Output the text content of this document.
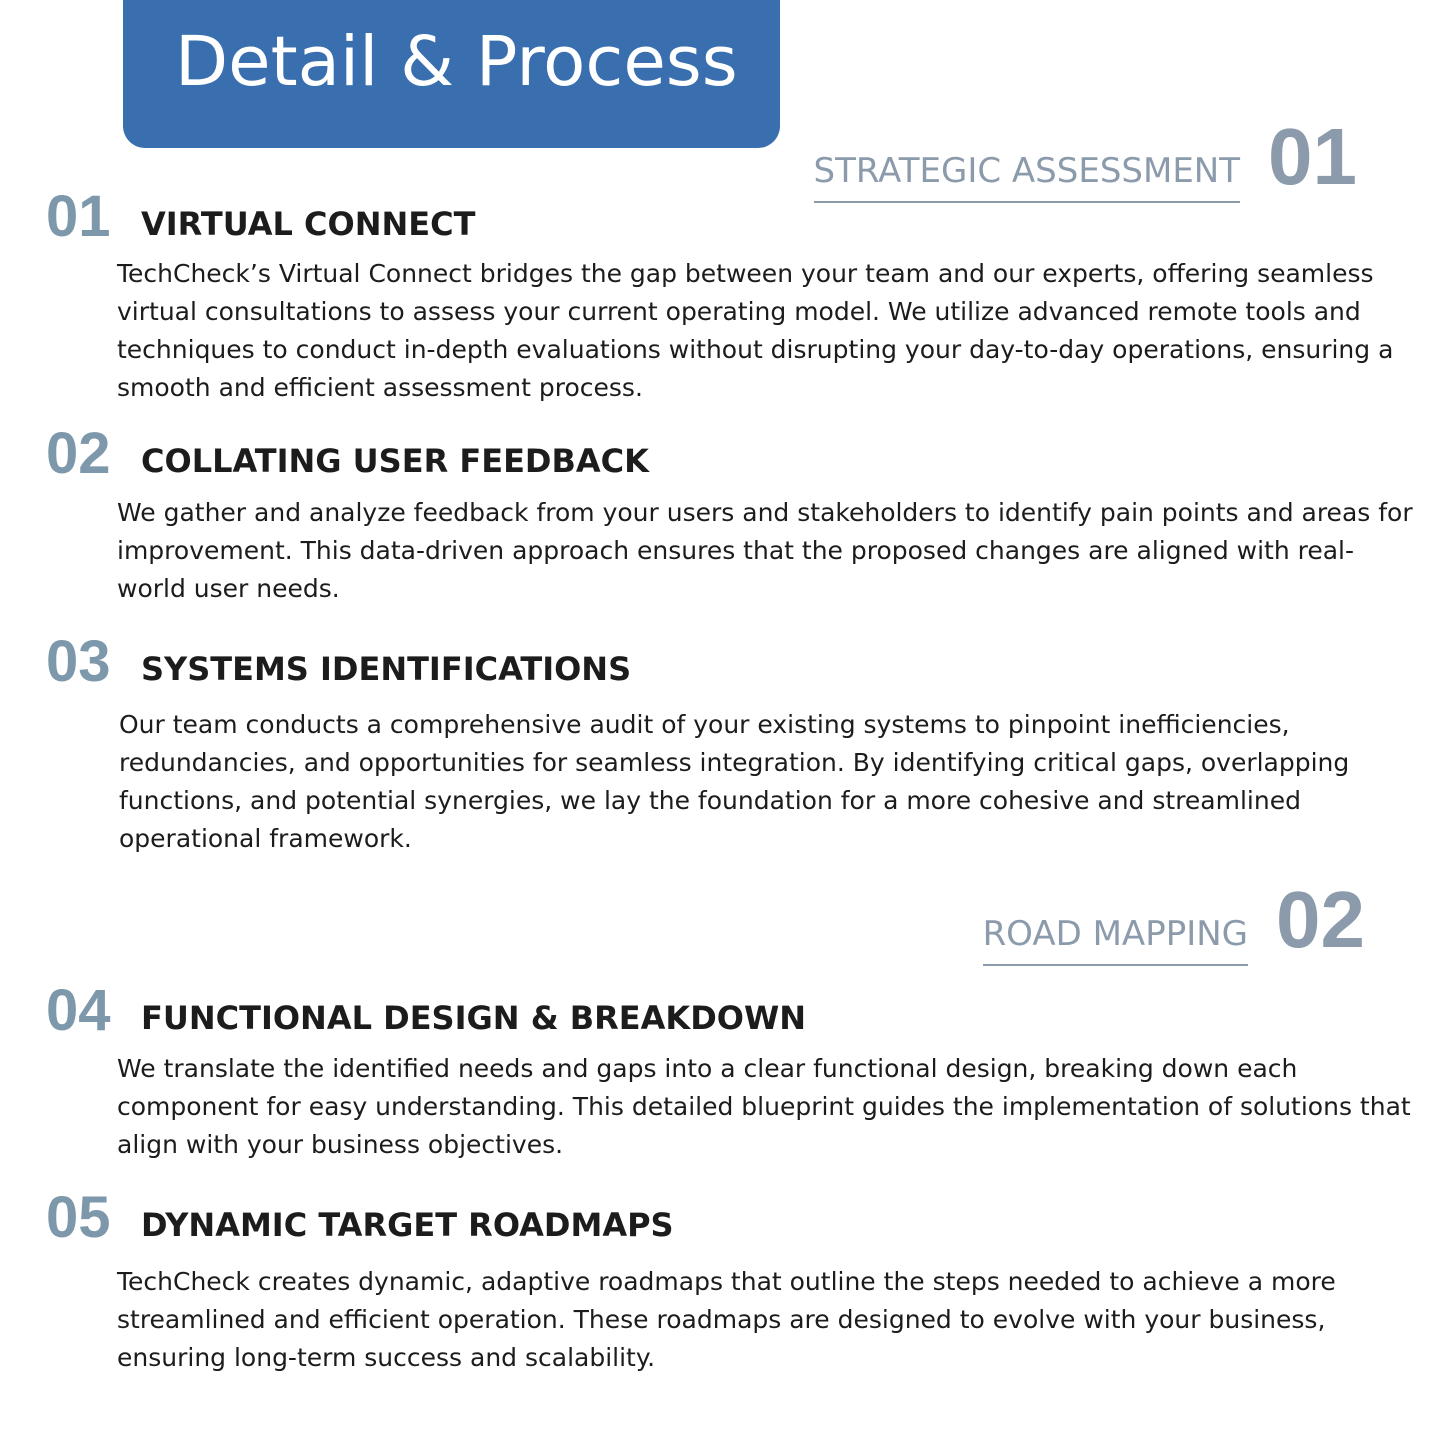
Detail & Process
STRATEGIC ASSESSMENT 01
01 VIRTUAL CONNECT

TechCheck’s Virtual Connect bridges the gap between your team and our experts, offering seamless virtual consultations to assess your current operating model. We utilize advanced remote tools and techniques to conduct in-depth evaluations without disrupting your day-to-day operations, ensuring a smooth and efficient assessment process.

02 COLLATING USER FEEDBACK

We gather and analyze feedback from your users and stakeholders to identify pain points and areas for improvement. This data-driven approach ensures that the proposed changes are aligned with real-world user needs.

03 SYSTEMS IDENTIFICATIONS

Our team conducts a comprehensive audit of your existing systems to pinpoint inefficiencies, redundancies, and opportunities for seamless integration. By identifying critical gaps, overlapping functions, and potential synergies, we lay the foundation for a more cohesive and streamlined operational framework.

ROAD MAPPING 02
04 FUNCTIONAL DESIGN & BREAKDOWN

We translate the identified needs and gaps into a clear functional design, breaking down each component for easy understanding. This detailed blueprint guides the implementation of solutions that align with your business objectives.

05 DYNAMIC TARGET ROADMAPS

TechCheck creates dynamic, adaptive roadmaps that outline the steps needed to achieve a more streamlined and efficient operation. These roadmaps are designed to evolve with your business, ensuring long-term success and scalability.
